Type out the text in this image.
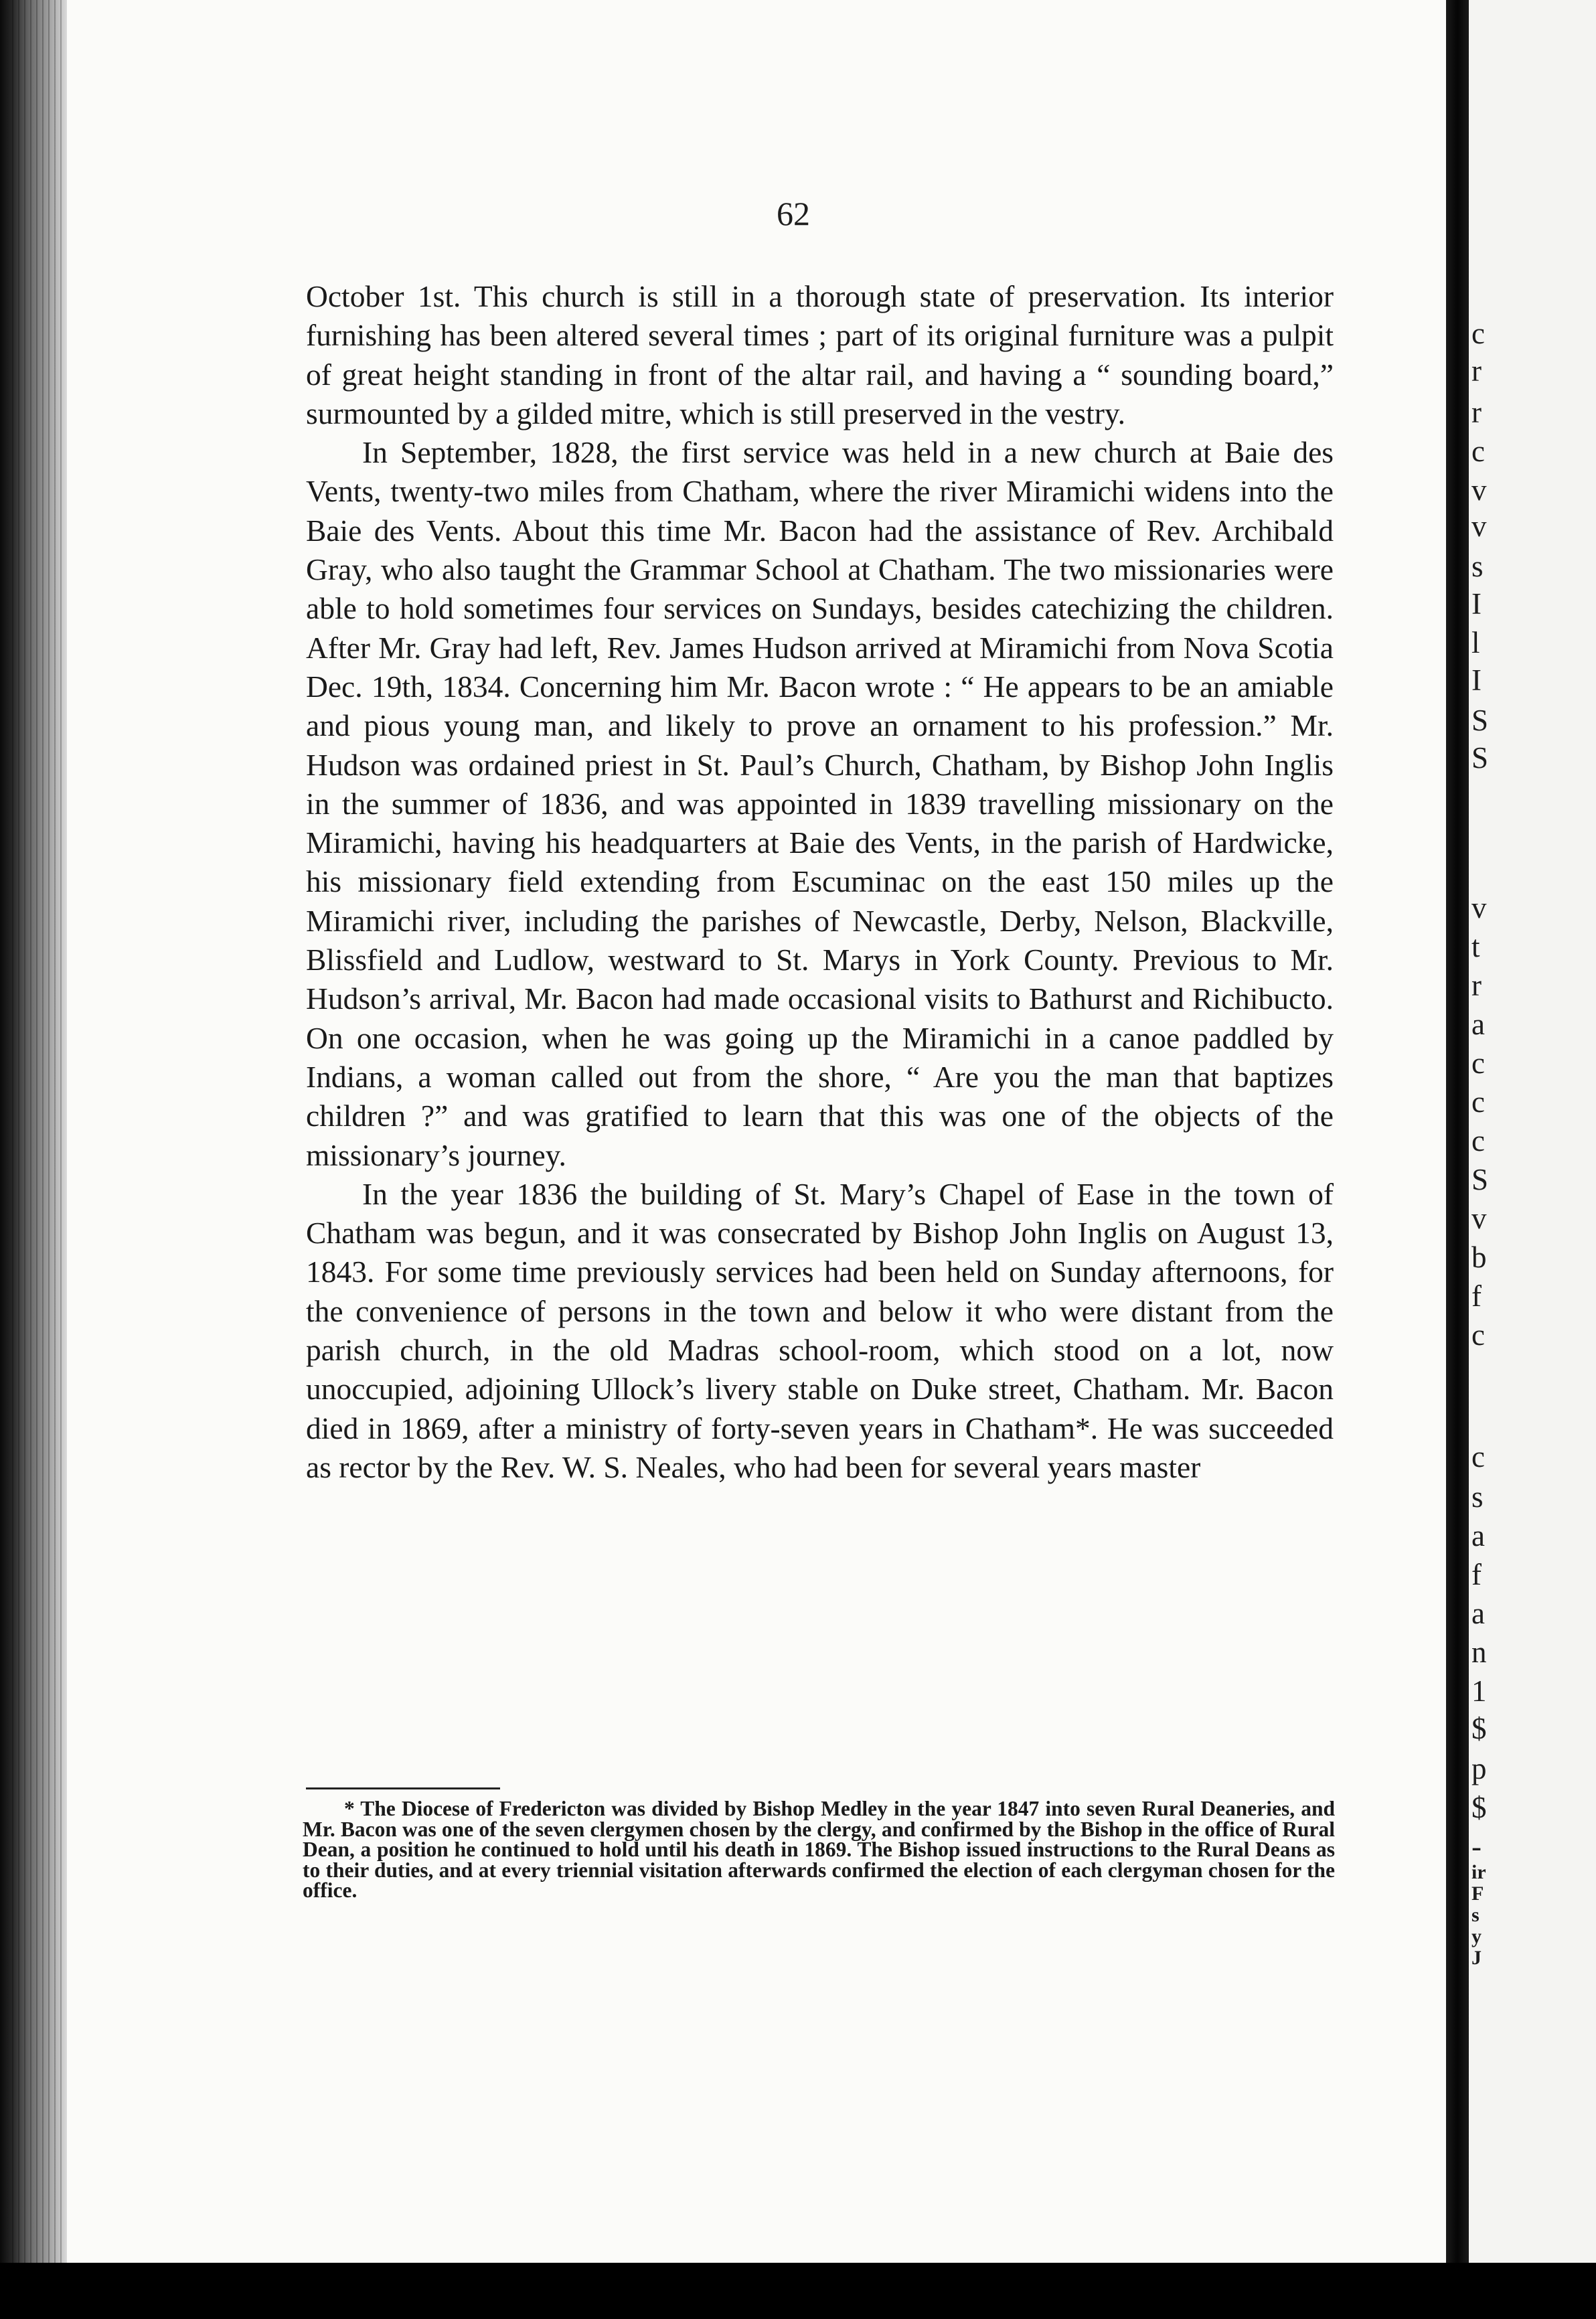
62

October 1st. This church is still in a thorough state of preservation. Its interior furnishing has been altered several times ; part of its original furniture was a pulpit of great height standing in front of the altar rail, and having a “ sounding board,” surmounted by a gilded mitre, which is still preserved in the vestry.

In September, 1828, the first service was held in a new church at Baie des Vents, twenty-two miles from Chatham, where the river Miramichi widens into the Baie des Vents. About this time Mr. Bacon had the assistance of Rev. Archibald Gray, who also taught the Grammar School at Chatham. The two missionaries were able to hold sometimes four services on Sundays, besides catechizing the children. After Mr. Gray had left, Rev. James Hudson arrived at Miramichi from Nova Scotia Dec. 19th, 1834. Concerning him Mr. Bacon wrote : “ He appears to be an amiable and pious young man, and likely to prove an ornament to his profession.” Mr. Hudson was ordained priest in St. Paul’s Church, Chatham, by Bishop John Inglis in the summer of 1836, and was appointed in 1839 travelling missionary on the Miramichi, having his headquarters at Baie des Vents, in the parish of Hardwicke, his missionary field extending from Escuminac on the east 150 miles up the Miramichi river, including the parishes of Newcastle, Derby, Nelson, Blackville, Blissfield and Ludlow, westward to St. Marys in York County. Previous to Mr. Hudson’s arrival, Mr. Bacon had made occasional visits to Bathurst and Richibucto. On one occasion, when he was going up the Miramichi in a canoe paddled by Indians, a woman called out from the shore, “ Are you the man that baptizes children ?” and was gratified to learn that this was one of the objects of the missionary’s journey.

In the year 1836 the building of St. Mary’s Chapel of Ease in the town of Chatham was begun, and it was consecrated by Bishop John Inglis on August 13, 1843. For some time previously services had been held on Sunday afternoons, for the convenience of persons in the town and below it who were distant from the parish church, in the old Madras school-room, which stood on a lot, now unoccupied, adjoining Ullock’s livery stable on Duke street, Chatham. Mr. Bacon died in 1869, after a ministry of forty-seven years in Chatham*. He was succeeded as rector by the Rev. W. S. Neales, who had been for several years master

* The Diocese of Fredericton was divided by Bishop Medley in the year 1847 into seven Rural Deaneries, and Mr. Bacon was one of the seven clergymen chosen by the clergy, and confirmed by the Bishop in the office of Rural Dean, a position he continued to hold until his death in 1869. The Bishop issued instructions to the Rural Deans as to their duties, and at every triennial visitation afterwards confirmed the election of each clergyman chosen for the office.

c
r
r
c
v
v
s
I
l
I
S
S
v
t
r
a
c
c
c
S
v
b
f
c
c
s
a
f
a
n
1
$
p
$
-
ir
F
s
y
J
